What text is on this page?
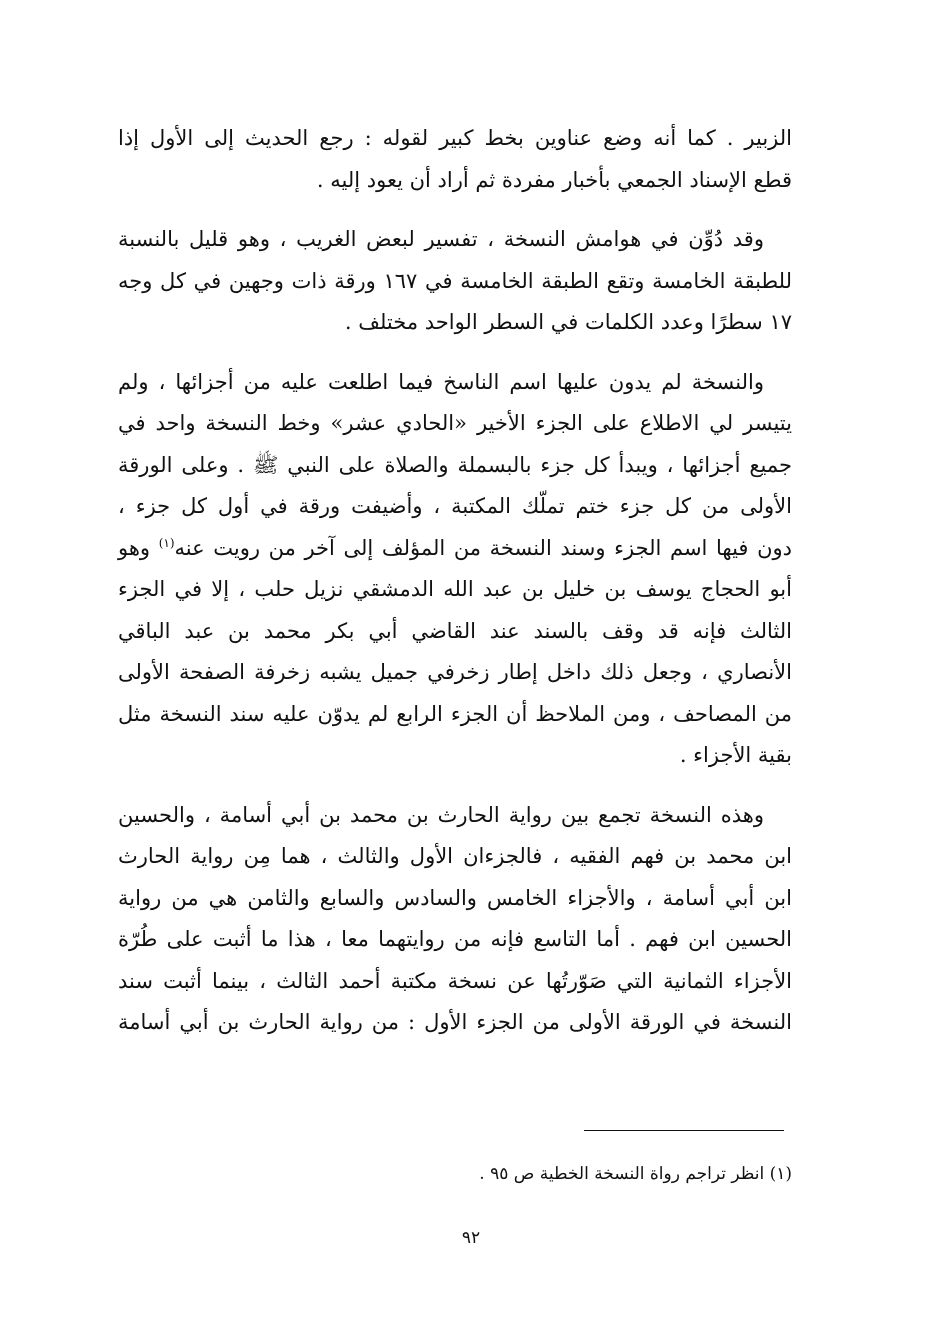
الزبير . كما أنه وضع عناوين بخط كبير لقوله : رجع الحديث إلى الأول إذا
قطع الإسناد الجمعي بأخبار مفردة ثم أراد أن يعود إليه .

وقد دُوِّن في هوامش النسخة ، تفسير لبعض الغريب ، وهو قليل بالنسبة
للطبقة الخامسة وتقع الطبقة الخامسة في ١٦٧ ورقة ذات وجهين في كل وجه
١٧ سطرًا وعدد الكلمات في السطر الواحد مختلف .

والنسخة لم يدون عليها اسم الناسخ فيما اطلعت عليه من أجزائها ، ولم
يتيسر لي الاطلاع على الجزء الأخير «الحادي عشر» وخط النسخة واحد في
جميع أجزائها ، ويبدأ كل جزء بالبسملة والصلاة على النبي ﷺ . وعلى الورقة
الأولى من كل جزء ختم تملّك المكتبة ، وأضيفت ورقة في أول كل جزء ،
دون فيها اسم الجزء وسند النسخة من المؤلف إلى آخر من رويت عنه$^{(١)}$ وهو
أبو الحجاج يوسف بن خليل بن عبد الله الدمشقي نزيل حلب ، إلا في الجزء
الثالث فإنه قد وقف بالسند عند القاضي أبي بكر محمد بن عبد الباقي
الأنصاري ، وجعل ذلك داخل إطار زخرفي جميل يشبه زخرفة الصفحة الأولى
من المصاحف ، ومن الملاحظ أن الجزء الرابع لم يدوّن عليه سند النسخة مثل
بقية الأجزاء .

وهذه النسخة تجمع بين رواية الحارث بن محمد بن أبي أسامة ، والحسين
ابن محمد بن فهم الفقيه ، فالجزءان الأول والثالث ، هما مِن رواية الحارث
ابن أبي أسامة ، والأجزاء الخامس والسادس والسابع والثامن هي من رواية
الحسين ابن فهم . أما التاسع فإنه من روايتهما معا ، هذا ما أثبت على طُرّة
الأجزاء الثمانية التي صَوّرتُها عن نسخة مكتبة أحمد الثالث ، بينما أثبت سند
النسخة في الورقة الأولى من الجزء الأول : من رواية الحارث بن أبي أسامة

(١) انظر تراجم رواة النسخة الخطية ص ٩٥ .
٩٢
